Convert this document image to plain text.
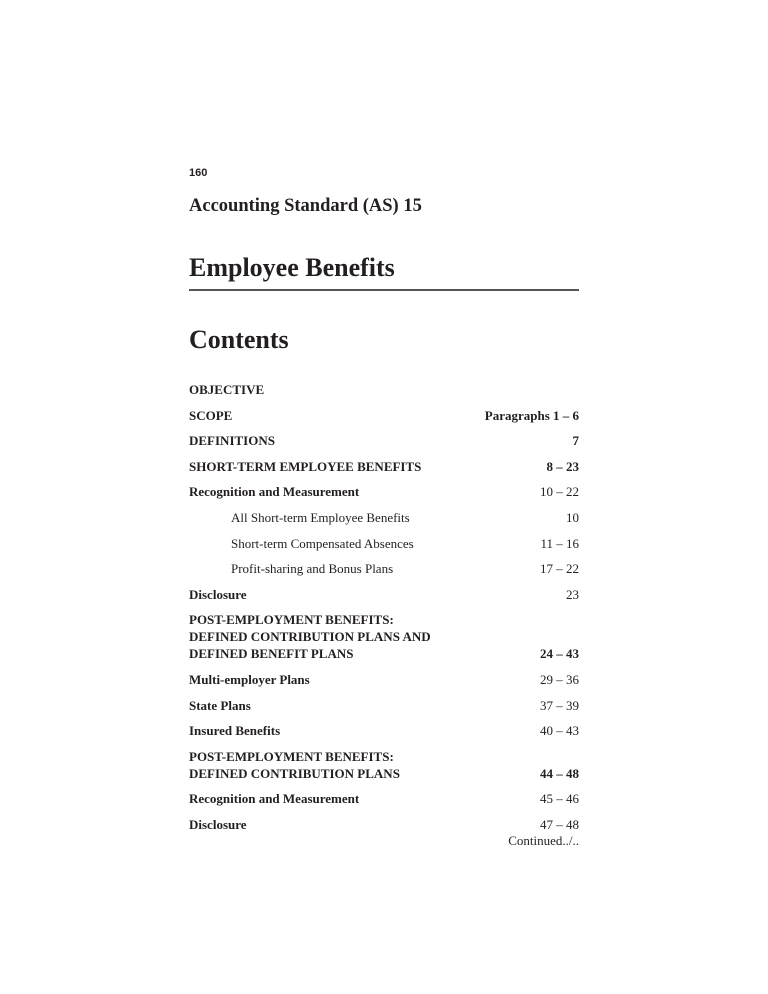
160
Accounting Standard (AS) 15
Employee Benefits
Contents
OBJECTIVE
SCOPE	Paragraphs 1 – 6
DEFINITIONS	7
SHORT-TERM EMPLOYEE BENEFITS	8 – 23
Recognition and Measurement	10 – 22
All Short-term Employee Benefits	10
Short-term Compensated Absences	11 – 16
Profit-sharing and Bonus Plans	17 – 22
Disclosure	23
POST-EMPLOYMENT BENEFITS: DEFINED CONTRIBUTION PLANS AND DEFINED BENEFIT PLANS	24 – 43
Multi-employer Plans	29 – 36
State Plans	37 – 39
Insured Benefits	40 – 43
POST-EMPLOYMENT BENEFITS: DEFINED CONTRIBUTION PLANS	44 – 48
Recognition and Measurement	45 – 46
Disclosure	47 – 48
Continued../..
